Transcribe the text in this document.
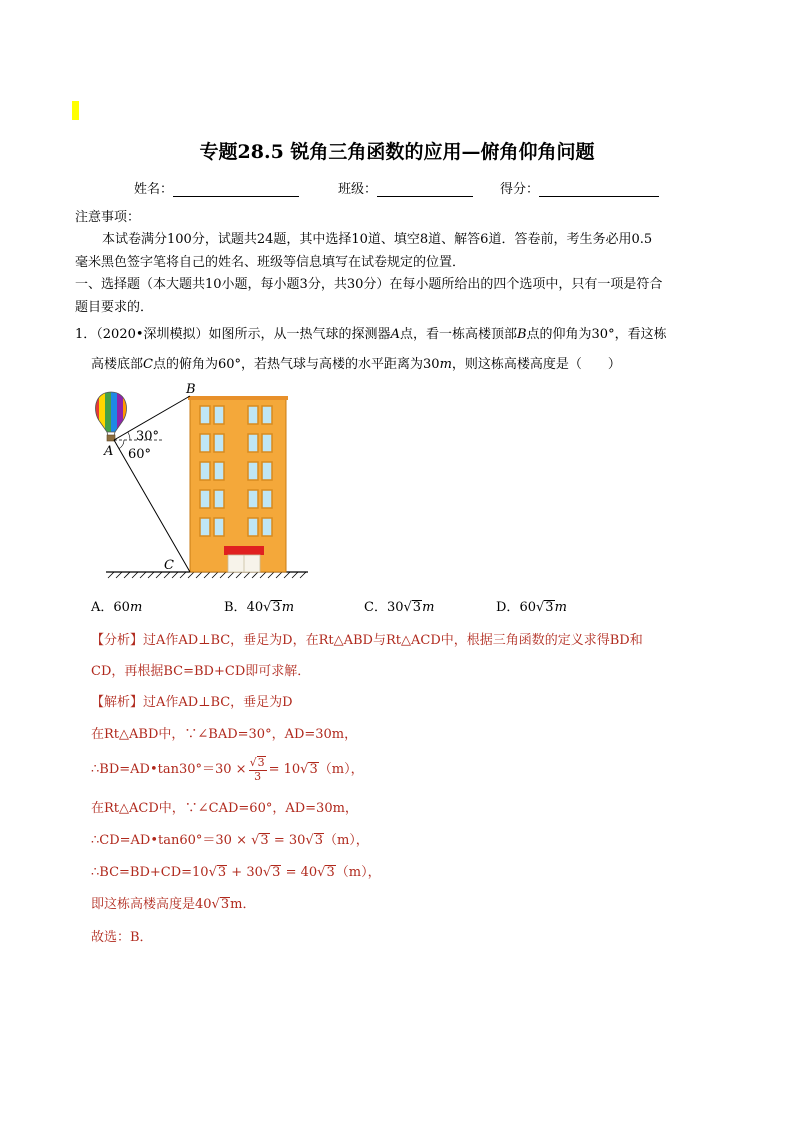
专题28.5 锐角三角函数的应用—俯角仰角问题
姓名：	班级：	得分：
注意事项：
本试卷满分100分，试题共24题，其中选择10道、填空8道、解答6道．答卷前，考生务必用0.5
毫米黑色签字笔将自己的姓名、班级等信息填写在试卷规定的位置．
一、选择题（本大题共10小题，每小题3分，共30分）在每小题所给出的四个选项中，只有一项是符合
题目要求的．
1．（2020•深圳模拟）如图所示，从一热气球的探测器A点，看一栋高楼顶部B点的仰角为30°，看这栋
高楼底部C点的俯角为60°，若热气球与高楼的水平距离为30m，则这栋高楼高度是（　　）
30°
60°
A
B
C
A．60m	B．40√3m	C．30√3m	D．60√3m
【分析】过A作AD⊥BC，垂足为D，在Rt△ABD与Rt△ACD中，根据三角函数的定义求得BD和
CD，再根据BC=BD+CD即可求解．
【解析】过A作AD⊥BC，垂足为D
在Rt△ABD中，∵∠BAD=30°，AD=30m，
∴BD=AD•tan30°＝30 × $\frac{√3}{3} = 10√3(m)$，
在Rt△ACD中，∵∠CAD=60°，AD=30m，
∴CD=AD•tan60°＝30 × √3 = 30√3（m），
∴BC=BD+CD=10√3 + 30√3 = 40√3（m），
即这栋高楼高度是40√3m．
故选：B．
